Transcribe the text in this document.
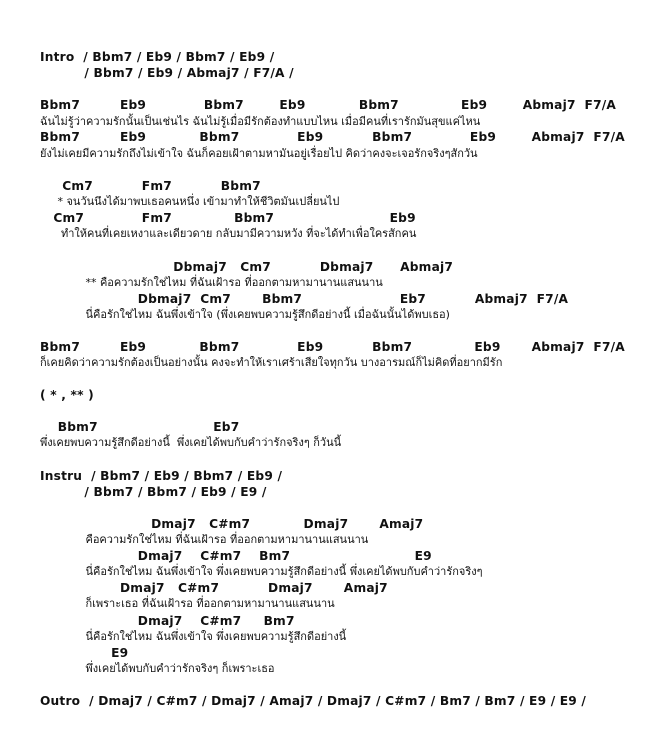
Intro  / Bbm7 / Eb9 / Bbm7 / Eb9 /
/ Bbm7 / Eb9 / Abmaj7 / F7/A /
Bbm7         Eb9             Bbm7        Eb9            Bbm7              Eb9        Abmaj7  F7/A
ฉันไม่รู้ว่าความรักนั้นเป็นเช่นไร ฉันไม่รู้เมื่อมีรักต้องทำแบบไหน เมื่อมีคนที่เรารักมันสุขแค่ไหน
Bbm7         Eb9            Bbm7             Eb9           Bbm7             Eb9        Abmaj7  F7/A
ยังไม่เคยมีความรักถึงไม่เข้าใจ ฉันก็คอยเฝ้าตามหามันอยู่เรื่อยไป คิดว่าคงจะเจอรักจริงๆสักวัน
Cm7           Fm7           Bbm7
* จนวันนึงได้มาพบเธอคนหนึ่ง เข้ามาทำให้ชีวิตมันเปลี่ยนไป
Cm7             Fm7              Bbm7                          Eb9
ทำให้คนที่เคยเหงาและเดียวดาย กลับมามีความหวัง ที่จะได้ทำเพื่อใครสักคน
Dbmaj7   Cm7           Dbmaj7      Abmaj7
** คือความรักใช่ไหม ที่ฉันเฝ้ารอ ที่ออกตามหามานานแสนนาน
Dbmaj7  Cm7       Bbm7                      Eb7           Abmaj7  F7/A
นี่คือรักใช่ไหม ฉันพึ่งเข้าใจ (พึ่งเคยพบความรู้สึกดีอย่างนี้ เมื่อฉันนั้นได้พบเธอ)
Bbm7         Eb9            Bbm7             Eb9           Bbm7              Eb9       Abmaj7  F7/A
ก็เคยคิดว่าความรักต้องเป็นอย่างนั้น คงจะทำให้เราเศร้าเสียใจทุกวัน บางอารมณ์ก็ไม่คิดที่อยากมีรัก
( * , ** )
Bbm7                          Eb7
พึ่งเคยพบความรู้สึกดีอย่างนี้  พึ่งเคยได้พบกับคำว่ารักจริงๆ ก็วันนี้
Instru  / Bbm7 / Eb9 / Bbm7 / Eb9 /
/ Bbm7 / Bbm7 / Eb9 / E9 /
Dmaj7   C#m7            Dmaj7       Amaj7
คือความรักใช่ไหม ที่ฉันเฝ้ารอ ที่ออกตามหามานานแสนนาน
Dmaj7    C#m7    Bm7                            E9
นี่คือรักใช่ไหม ฉันพึ่งเข้าใจ พึ่งเคยพบความรู้สึกดีอย่างนี้ พึ่งเคยได้พบกับคำว่ารักจริงๆ
Dmaj7   C#m7           Dmaj7       Amaj7
ก็เพราะเธอ ที่ฉันเฝ้ารอ ที่ออกตามหามานานแสนนาน
Dmaj7    C#m7     Bm7
นี่คือรักใช่ไหม ฉันพึ่งเข้าใจ พึ่งเคยพบความรู้สึกดีอย่างนี้
E9
พึ่งเคยได้พบกับคำว่ารักจริงๆ ก็เพราะเธอ
Outro  / Dmaj7 / C#m7 / Dmaj7 / Amaj7 / Dmaj7 / C#m7 / Bm7 / Bm7 / E9 / E9 /
